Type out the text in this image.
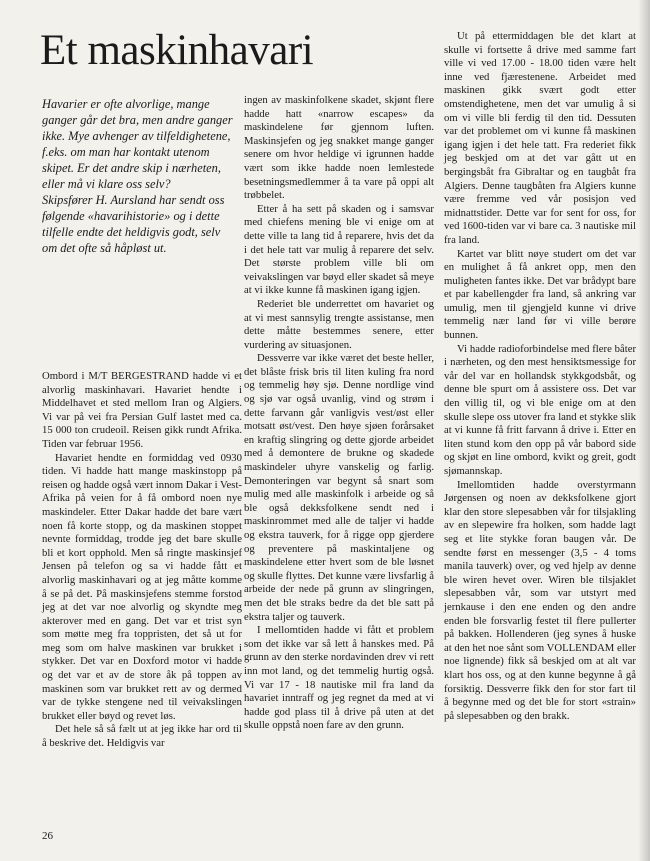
Et maskinhavari

Havarier er ofte alvorlige, mange ganger går det bra, men andre ganger ikke. Mye avhenger av tilfeldighetene, f.eks. om man har kontakt utenom skipet. Er det andre skip i nærheten, eller må vi klare oss selv?

Skipsfører H. Aursland har sendt oss følgende «havarihistorie» og i dette tilfelle endte det heldigvis godt, selv om det ofte så håpløst ut.

Ombord i M/T BERGESTRAND hadde vi et alvorlig maskinhavari. Havariet hendte i Middelhavet et sted mellom Iran og Algiers. Vi var på vei fra Persian Gulf lastet med ca. 15 000 ton crudeoil. Reisen gikk rundt Afrika. Tiden var februar 1956.

Havariet hendte en formiddag ved 0930 tiden. Vi hadde hatt mange maskinstopp på reisen og hadde også vært innom Dakar i Vest-Afrika på veien for å få ombord noen nye maskindeler. Etter Dakar hadde det bare vært noen få korte stopp, og da maskinen stoppet nevnte formiddag, trodde jeg det bare skulle bli et kort opphold. Men så ringte maskinsjef Jensen på telefon og sa vi hadde fått et alvorlig maskinhavari og at jeg måtte komme å se på det. På maskinsjefens stemme forstod jeg at det var noe alvorlig og skyndte meg akterover med en gang. Det var et trist syn som møtte meg fra toppristen, det så ut for meg som om halve maskinen var brukket i stykker. Det var en Doxford motor vi hadde og det var et av de store åk på toppen av maskinen som var brukket rett av og dermed var de tykke stengene ned til veivakslingen brukket eller bøyd og revet løs.

Det hele så så fælt ut at jeg ikke har ord til å beskrive det. Heldigvis var

ingen av maskinfolkene skadet, skjønt flere hadde hatt «narrow escapes» da maskindelene før gjennom luften. Maskinsjefen og jeg snakket mange ganger senere om hvor heldige vi igrunnen hadde vært som ikke hadde noen lemlestede besetningsmedlemmer å ta vare på oppi alt trøbbelet.

Etter å ha sett på skaden og i samsvar med chiefens mening ble vi enige om at dette ville ta lang tid å reparere, hvis det da i det hele tatt var mulig å reparere det selv. Det største problem ville bli om veivakslingen var bøyd eller skadet så meye at vi ikke kunne få maskinen igang igjen.

Rederiet ble underrettet om havariet og at vi mest sannsylig trengte assistanse, men dette måtte bestemmes senere, etter vurdering av situasjonen.

Dessverre var ikke været det beste heller, det blåste frisk bris til liten kuling fra nord og temmelig høy sjø. Denne nordlige vind og sjø var også uvanlig, vind og strøm i dette farvann går vanligvis vest/øst eller motsatt øst/vest. Den høye sjøen forårsaket en kraftig slingring og dette gjorde arbeidet med å demontere de brukne og skadede maskindeler uhyre vanskelig og farlig. Demonteringen var begynt så snart som mulig med alle maskinfolk i arbeide og så ble også dekksfolkene sendt ned i maskinrommet med alle de taljer vi hadde og ekstra tauverk, for å rigge opp gjerdere og preventere på maskintaljene og maskindelene etter hvert som de ble løsnet og skulle flyttes. Det kunne være livsfarlig å arbeide der nede på grunn av slingringen, men det ble straks bedre da det ble satt på ekstra taljer og tauverk.

I mellomtiden hadde vi fått et problem som det ikke var så lett å hanskes med. På grunn av den sterke nordavinden drev vi rett inn mot land, og det temmelig hurtig også. Vi var 17 - 18 nautiske mil fra land da havariet inntraff og jeg regnet da med at vi hadde god plass til å drive på uten at det skulle oppstå noen fare av den grunn.

Ut på ettermiddagen ble det klart at skulle vi fortsette å drive med samme fart ville vi ved 17.00 - 18.00 tiden være helt inne ved fjærestenene. Arbeidet med maskinen gikk svært godt etter omstendighetene, men det var umulig å si om vi ville bli ferdig til den tid. Dessuten var det problemet om vi kunne få maskinen igang igjen i det hele tatt. Fra rederiet fikk jeg beskjed om at det var gått ut en bergingsbåt fra Gibraltar og en taugbåt fra Algiers. Denne taugbåten fra Algiers kunne være fremme ved vår posisjon ved midnattstider. Dette var for sent for oss, for ved 1600-tiden var vi bare ca. 3 nautiske mil fra land.

Kartet var blitt nøye studert om det var en mulighet å få ankret opp, men den muligheten fantes ikke. Det var brådypt bare et par kabellengder fra land, så ankring var umulig, men til gjengjeld kunne vi drive temmelig nær land før vi ville berøre bunnen.

Vi hadde radioforbindelse med flere båter i nærheten, og den mest hensiktsmessige for vår del var en hollandsk stykkgodsbåt, og denne ble spurt om å assistere oss. Det var den villig til, og vi ble enige om at den skulle slepe oss utover fra land et stykke slik at vi kunne få fritt farvann å drive i. Etter en liten stund kom den opp på vår babord side og skjøt en line ombord, kvikt og greit, godt sjømannskap.

Imellomtiden hadde overstyrmann Jørgensen og noen av dekksfolkene gjort klar den store slepesabben vår for tilsjakling av en slepewire fra holken, som hadde lagt seg et lite stykke foran baugen vår. De sendte først en messenger (3,5 - 4 toms manila tauverk) over, og ved hjelp av denne ble wiren hevet over. Wiren ble tilsjaklet slepesabben vår, som var utstyrt med jernkause i den ene enden og den andre enden ble forsvarlig festet til flere pullerter på bakken. Hollenderen (jeg synes å huske at den het noe sånt som VOLLENDAM eller noe lignende) fikk så beskjed om at alt var klart hos oss, og at den kunne begynne å gå forsiktig. Dessverre fikk den for stor fart til å begynne med og det ble for stort «strain» på slepesabben og den brakk.

26
